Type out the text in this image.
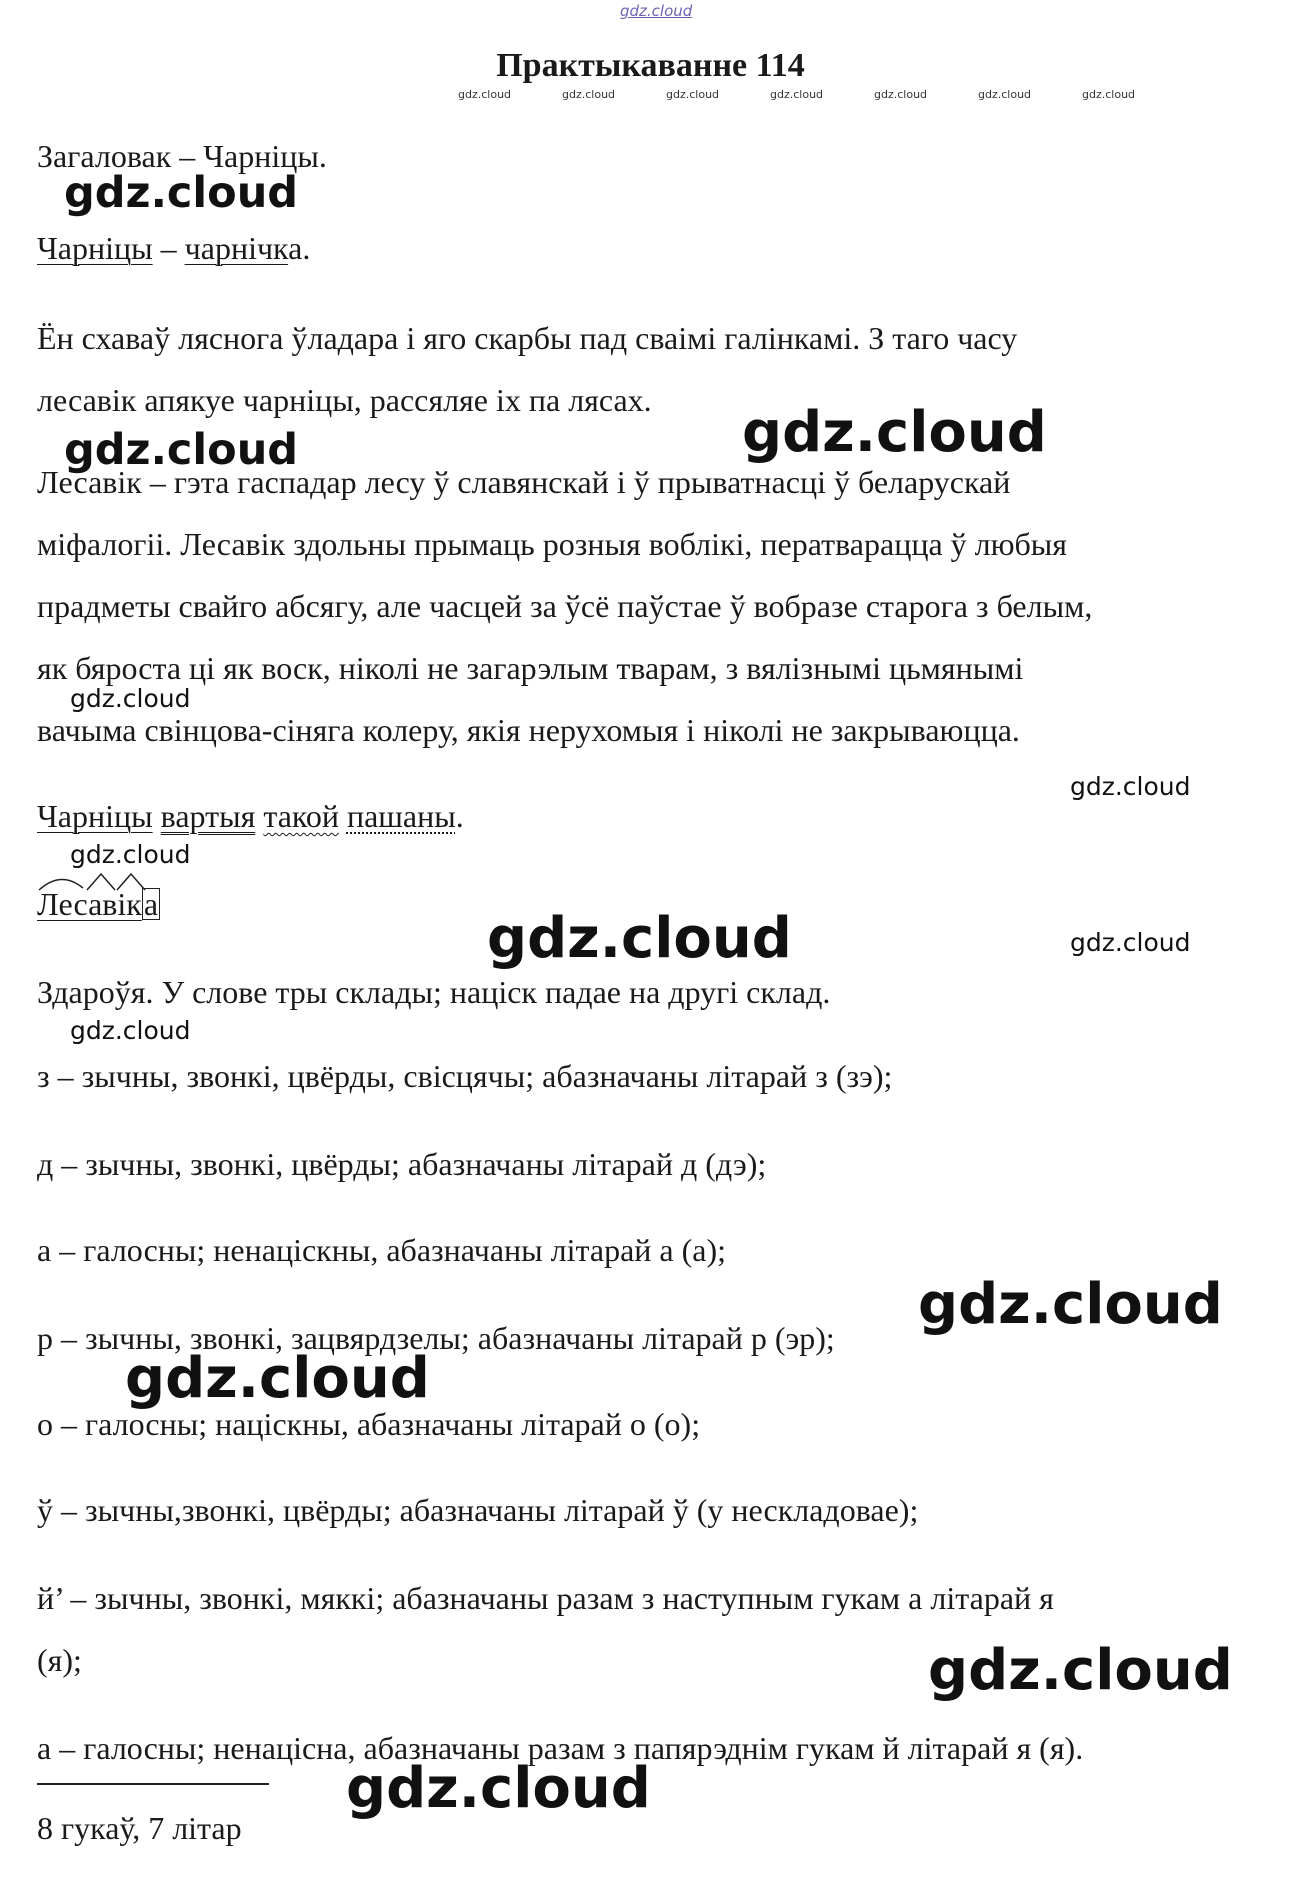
gdz.cloud
Практыкаванне 114
gdz.cloud	gdz.cloud	gdz.cloud	gdz.cloud	gdz.cloud	gdz.cloud	gdz.cloud
Загаловак – Чарніцы.
gdz.cloud
Чарніцы – чарнічка.
Ён схаваў ляснога ўладара і яго скарбы пад сваімі галінкамі. З таго часу
лесавік апякуе чарніцы, рассяляе іх па лясах. gdz.cloud
gdz.cloud
Лесавік – гэта гаспадар лесу ў славянскай і ў прыватнасці ў беларускай
міфалогіі. Лесавік здольны прымаць розныя воблікі, ператварацца ў любыя
прадметы свайго абсягу, але часцей за ўсё паўстае ў вобразе старога з белым,
як бяроста ці як воск, ніколі не загарэлым тварам, з вялізнымі цьмянымі
gdz.cloud
вачыма свінцова-сіняга колеру, якія нерухомыя і ніколі не закрываюцца.
gdz.cloud
Чарніцы вартыя такой пашаны.
gdz.cloud
Лесавіка
gdz.cloud	gdz.cloud
Здароўя. У слове тры склады; націск падае на другі склад.
gdz.cloud
з – зычны, звонкі, цвёрды, свісцячы; абазначаны літарай з (зэ);
д – зычны, звонкі, цвёрды; абазначаны літарай д (дэ);
а – галосны; ненаціскны, абазначаны літарай а (а);
gdz.cloud
р – зычны, звонкі, зацвярдзелы; абазначаны літарай р (эр);
gdz.cloud
о – галосны; націскны, абазначаны літарай о (о);
ў – зычны,звонкі, цвёрды; абазначаны літарай ў (у нескладовае);
й’ – зычны, звонкі, мяккі; абазначаны разам з наступным гукам а літарай я
(я);	gdz.cloud
а – галосны; ненаціснa, абазначаны разам з папярэднім гукам й літарай я (я).
gdz.cloud
8 гукаў, 7 літар
